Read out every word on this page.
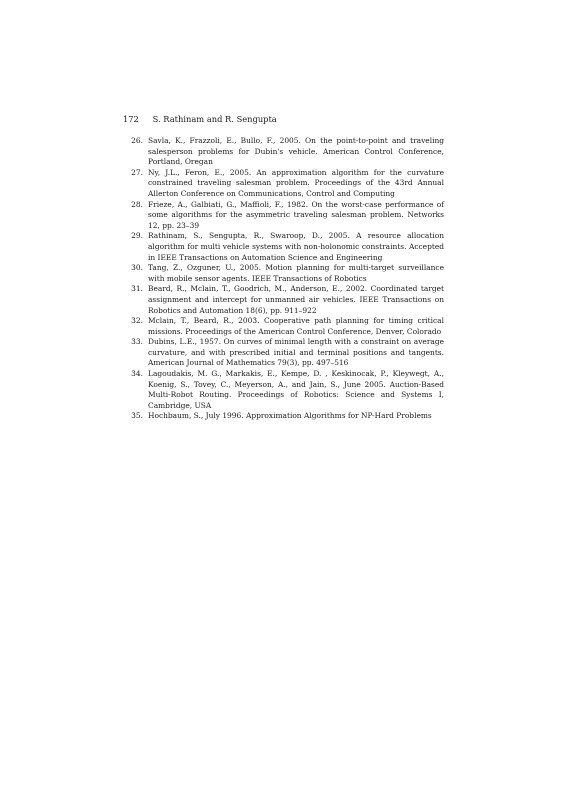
172 S. Rathinam and R. Sengupta
26. Savla, K., Frazzoli, E., Bullo, F., 2005. On the point-to-point and traveling salesperson problems for Dubin's vehicle. American Control Conference, Portland, Oregan
27. Ny, J.L., Feron, E., 2005. An approximation algorithm for the curvature constrained traveling salesman problem. Proceedings of the 43rd Annual Allerton Conference on Communications, Control and Computing
28. Frieze, A., Galbiati, G., Maffioli, F., 1982. On the worst-case performance of some algorithms for the asymmetric traveling salesman problem. Networks 12, pp. 23–39
29. Rathinam, S., Sengupta, R., Swaroop, D., 2005. A resource allocation algorithm for multi vehicle systems with non-holonomic constraints. Accepted in IEEE Transactions on Automation Science and Engineering
30. Tang, Z., Ozguner, U., 2005. Motion planning for multi-target surveillance with mobile sensor agents. IEEE Transactions of Robotics
31. Beard, R., Mclain, T., Goodrich, M., Anderson, E., 2002. Coordinated target assignment and intercept for unmanned air vehicles. IEEE Transactions on Robotics and Automation 18(6), pp. 911–922
32. Mclain, T., Beard, R., 2003. Cooperative path planning for timing critical missions. Proceedings of the American Control Conference, Denver, Colorado
33. Dubins, L.E., 1957. On curves of minimal length with a constraint on average curvature, and with prescribed initial and terminal positions and tangents. American Journal of Mathematics 79(3), pp. 497–516
34. Lagoudakis, M. G., Markakis, E., Kempe, D. , Keskinocak, P., Kleywegt, A., Koenig, S., Tovey, C., Meyerson, A., and Jain, S., June 2005. Auction-Based Multi-Robot Routing. Proceedings of Robotics: Science and Systems I, Cambridge, USA
35. Hochbaum, S., July 1996. Approximation Algorithms for NP-Hard Problems
